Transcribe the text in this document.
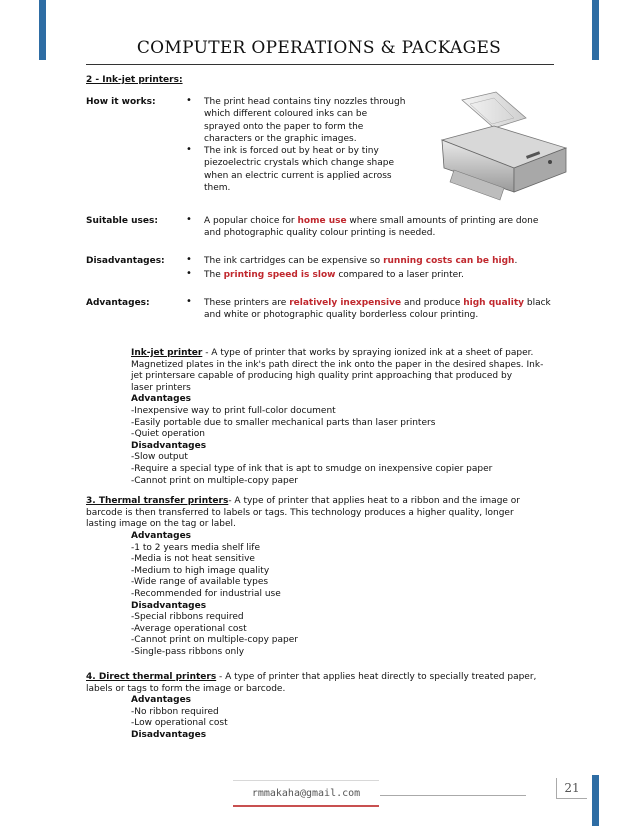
COMPUTER OPERATIONS & PACKAGES
2 - Ink-jet printers:
How it works:	• The print head contains tiny nozzles through
which different coloured inks can be
sprayed onto the paper to form the
characters or the graphic images.
• The ink is forced out by heat or by tiny
piezoelectric crystals which change shape
when an electric current is applied across
them.
Suitable uses:	• A popular choice for home use where small amounts of printing are done
and photographic quality colour printing is needed.
Disadvantages: • The ink cartridges can be expensive so running costs can be high.
• The printing speed is slow compared to a laser printer.
Advantages:	• These printers are relatively inexpensive and produce high quality black
and white or photographic quality borderless colour printing.
Ink-jet printer - A type of printer that works by spraying ionized ink at a sheet of paper.
Magnetized plates in the ink's path direct the ink onto the paper in the desired shapes. Ink-
jet printersare capable of producing high quality print approaching that produced by
laser printers
Advantages
-Inexpensive way to print full-color document
-Easily portable due to smaller mechanical parts than laser printers
-Quiet operation
Disadvantages
-Slow output
-Require a special type of ink that is apt to smudge on inexpensive copier paper
-Cannot print on multiple-copy paper
3. Thermal transfer printers- A type of printer that applies heat to a ribbon and the image or
barcode is then transferred to labels or tags. This technology produces a higher quality, longer
lasting image on the tag or label.
Advantages
-1 to 2 years media shelf life
-Media is not heat sensitive
-Medium to high image quality
-Wide range of available types
-Recommended for industrial use
Disadvantages
-Special ribbons required
-Average operational cost
-Cannot print on multiple-copy paper
-Single-pass ribbons only
4. Direct thermal printers - A type of printer that applies heat directly to specially treated paper,
labels or tags to form the image or barcode.
Advantages
-No ribbon required
-Low operational cost
Disadvantages
rmmakaha@gmail.com	21
